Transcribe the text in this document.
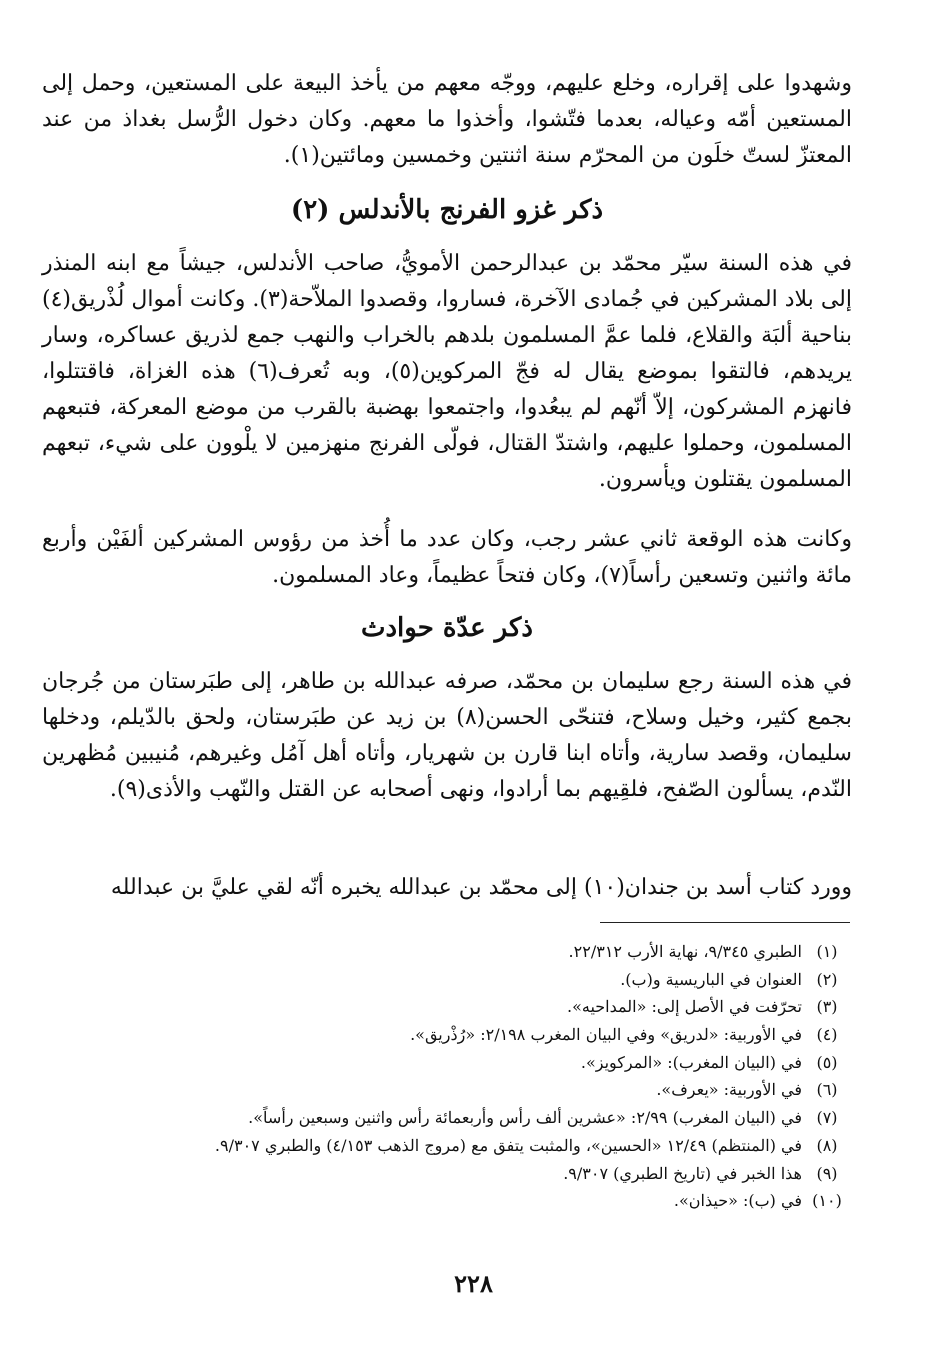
وشهدوا على إقراره، وخلع عليهم، ووجّه معهم من يأخذ البيعة على المستعين، وحمل إلى المستعين أمّه وعياله، بعدما فتّشوا، وأخذوا ما معهم. وكان دخول الرُّسل بغداذ من عند المعتزّ لستّ خلَون من المحرّم سنة اثنتين وخمسين ومائتين(١).

ذكر غزو الفرنج بالأندلس (٢)

في هذه السنة سيّر محمّد بن عبدالرحمن الأمويُّ، صاحب الأندلس، جيشاً مع ابنه المنذر إلى بلاد المشركين في جُمادى الآخرة، فساروا، وقصدوا الملاّحة(٣). وكانت أموال لُذْريق(٤) بناحية ألبَة والقلاع، فلما عمَّ المسلمون بلدهم بالخراب والنهب جمع لذريق عساكره، وسار يريدهم، فالتقوا بموضع يقال له فجّ المركوين(٥)، وبه تُعرف(٦) هذه الغزاة، فاقتتلوا، فانهزم المشركون، إلاّ أنّهم لم يبعُدوا، واجتمعوا بهضبة بالقرب من موضع المعركة، فتبعهم المسلمون، وحملوا عليهم، واشتدّ القتال، فولّى الفرنج منهزمين لا يلْوون على شيء، تبعهم المسلمون يقتلون ويأسرون.

وكانت هذه الوقعة ثاني عشر رجب، وكان عدد ما أُخذ من رؤوس المشركين ألفَيْن وأربع مائة واثنين وتسعين رأساً(٧)، وكان فتحاً عظيماً، وعاد المسلمون.

ذكر عدّة حوادث

في هذه السنة رجع سليمان بن محمّد، صرفه عبدالله بن طاهر، إلى طبَرستان من جُرجان بجمع كثير، وخيل وسلاح، فتنحّى الحسن(٨) بن زيد عن طبَرستان، ولحق بالدّيلم، ودخلها سليمان، وقصد سارية، وأتاه ابنا قارن بن شهريار، وأتاه أهل آمُل وغيرهم، مُنيبين مُظهرين النّدم، يسألون الصّفح، فلقِيهم بما أرادوا، ونهى أصحابه عن القتل والنّهب والأذى(٩).

وورد كتاب أسد بن جندان(١٠) إلى محمّد بن عبدالله يخبره أنّه لقي عليَّ بن عبدالله

(١)
الطبري ٩/٣٤٥، نهاية الأرب ٢٢/٣١٢.
(٢)
العنوان في الباريسية و(ب).
(٣)
تحرّفت في الأصل إلى: «المداحيه».
(٤)
في الأوربية: «لدريق» وفي البيان المغرب ٢/١٩٨: «رُذْريق».
(٥)
في (البيان المغرب): «المركويز».
(٦)
في الأوربية: «يعرف».
(٧)
في (البيان المغرب) ٢/٩٩: «عشرين ألف رأس وأربعمائة رأس واثنين وسبعين رأساً».
(٨)
في (المنتظم) ١٢/٤٩ «الحسين»، والمثبت يتفق مع (مروج الذهب ٤/١٥٣) والطبري ٩/٣٠٧.
(٩)
هذا الخبر في (تاريخ الطبري) ٩/٣٠٧.
(١٠)
في (ب): «حيذان».
٢٢٨
